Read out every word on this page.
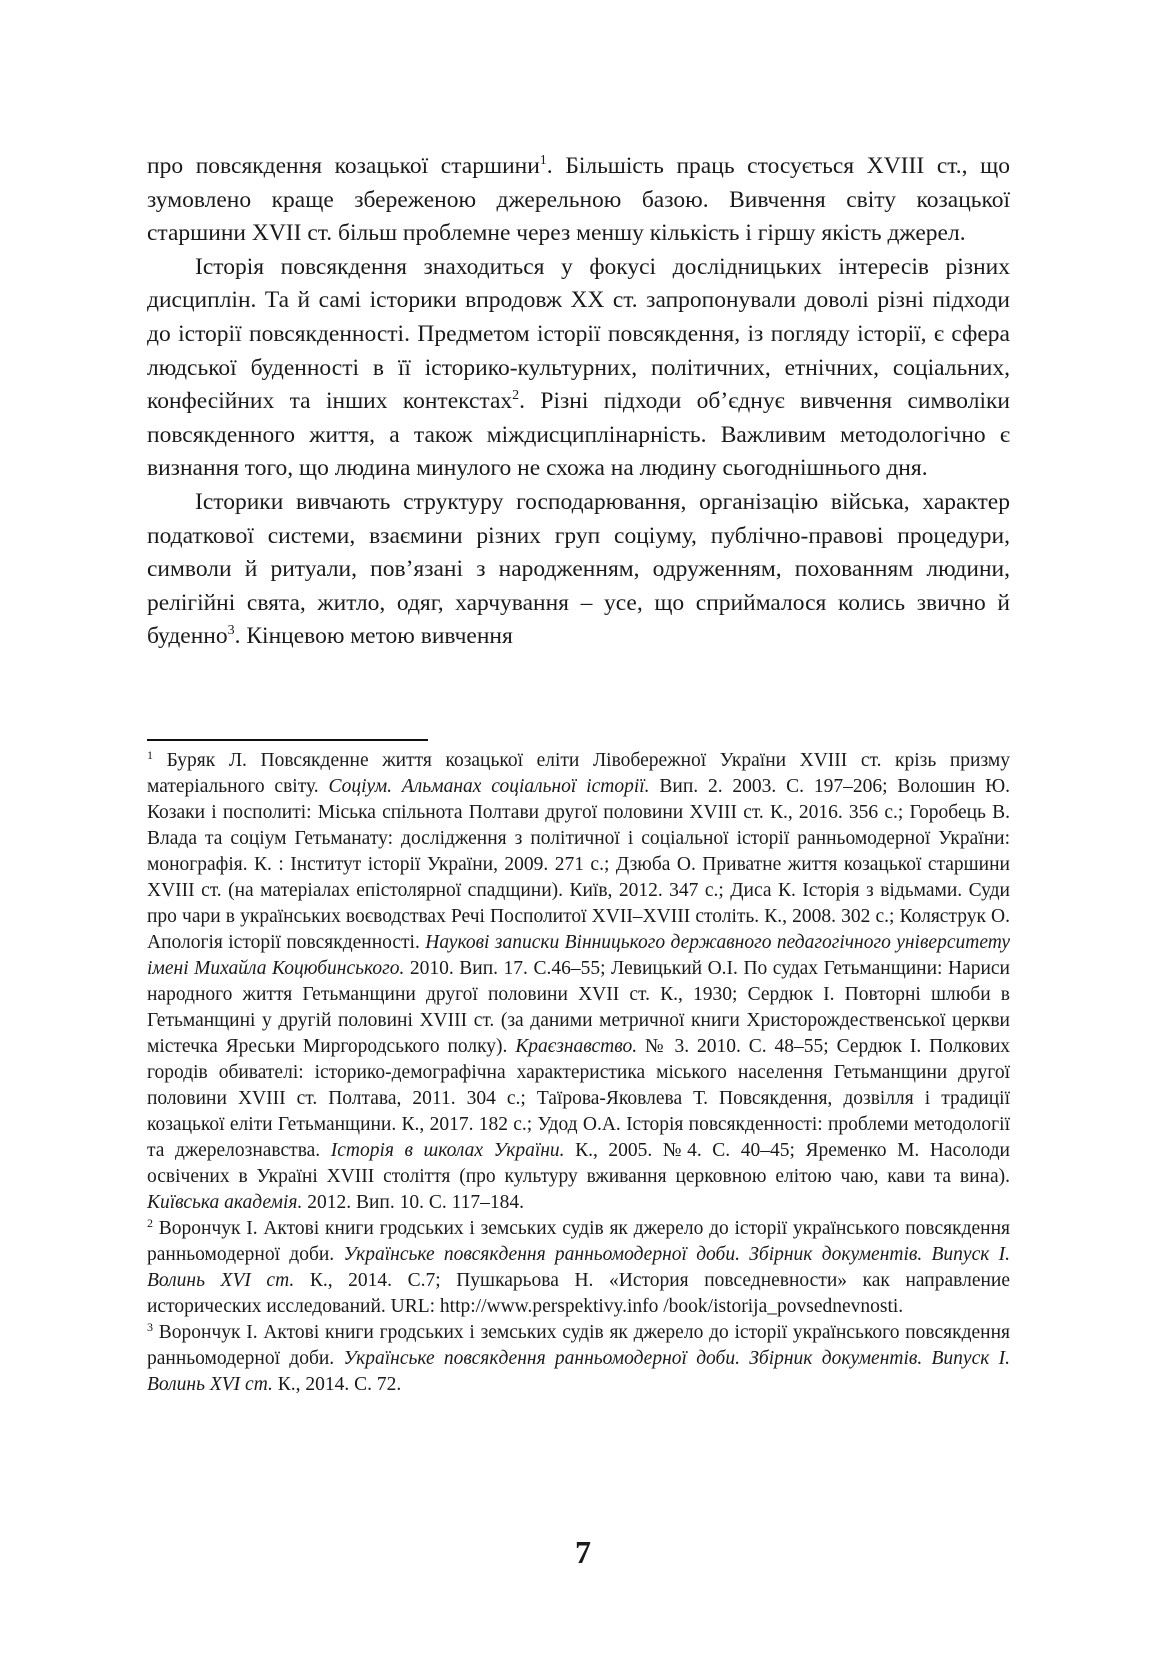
про повсякдення козацької старшини$^1$. Більшість праць стосується XVIII ст., що зумовлено краще збереженою джерельною базою. Вивчення світу козацької старшини XVII ст. більш проблемне через меншу кількість і гіршу якість джерел.

Історія повсякдення знаходиться у фокусі дослідницьких інтересів різних дисциплін. Та й самі історики впродовж XX ст. запропонували доволі різні підходи до історії повсякденності. Предметом історії повсякдення, із погляду історії, є сфера людської буденності в її історико-культурних, політичних, етнічних, соціальних, конфесійних та інших контекстах$^2$. Різні підходи об’єднує вивчення символіки повсякденного життя, а також міждисциплінарність. Важливим методологічно є визнання того, що людина минулого не схожа на людину сьогоднішнього дня.

Історики вивчають структуру господарювання, організацію війська, характер податкової системи, взаємини різних груп соціуму, публічно-правові процедури, символи й ритуали, пов’язані з народженням, одруженням, похованням людини, релігійні свята, житло, одяг, харчування – усе, що сприймалося колись звично й буденно$^3$. Кінцевою метою вивчення

$^1$ Буряк Л. Повсякденне життя козацької еліти Лівобережної України XVIII ст. крізь призму матеріального світу. Соціум. Альманах соціальної історії. Вип. 2. 2003. С. 197–206; Волошин Ю. Козаки і посполиті: Міська спільнота Полтави другої половини XVIII ст. К., 2016. 356 с.; Горобець В. Влада та соціум Гетьманату: дослідження з політичної і соціальної історії ранньомодерної України: монографія. К. : Інститут історії України, 2009. 271 с.; Дзюба О. Приватне життя козацької старшини XVIII ст. (на матеріалах епістолярної спадщини). Київ, 2012. 347 с.; Диса К. Історія з відьмами. Суди про чари в українських воєводствах Речі Посполитої XVII–XVIII століть. К., 2008. 302 с.; Коляструк О. Апологія історії повсякденності. Наукові записки Вінницького державного педагогічного університету імені Михайла Коцюбинського. 2010. Вип. 17. С.46–55; Левицький О.І. По судах Гетьманщини: Нариси народного життя Гетьманщини другої половини XVII ст. К., 1930; Сердюк І. Повторні шлюби в Гетьманщині у другій половині XVIII ст. (за даними метричної книги Христорождественської церкви містечка Яреськи Миргородського полку). Краєзнавство. № 3. 2010. С. 48–55; Сердюк І. Полкових городів обивателі: історико-демографічна характеристика міського населення Гетьманщини другої половини XVIII ст. Полтава, 2011. 304 с.; Таїрова-Яковлева Т. Повсякдення, дозвілля і традиції козацької еліти Гетьманщини. К., 2017. 182 с.; Удод О.А. Історія повсякденності: проблеми методології та джерелознавства. Історія в школах України. К., 2005. №4. С. 40–45; Яременко М. Насолоди освічених в Україні XVIII століття (про культуру вживання церковною елітою чаю, кави та вина). Київська академія. 2012. Вип. 10. С. 117–184.

$^2$ Ворончук І. Актові книги гродських і земських судів як джерело до історії українського повсякдення ранньомодерної доби. Українське повсякдення ранньомодерної доби. Збірник документів. Випуск І. Волинь XVI ст. К., 2014. С.7; Пушкарьова Н. «История повседневности» как направление исторических исследований. URL: http://www.perspektivy.info /book/istorija_povsednevnosti.

$^3$ Ворончук І. Актові книги гродських і земських судів як джерело до історії українського повсякдення ранньомодерної доби. Українське повсякдення ранньомодерної доби. Збірник документів. Випуск І. Волинь XVI ст. К., 2014. С. 72.

7
